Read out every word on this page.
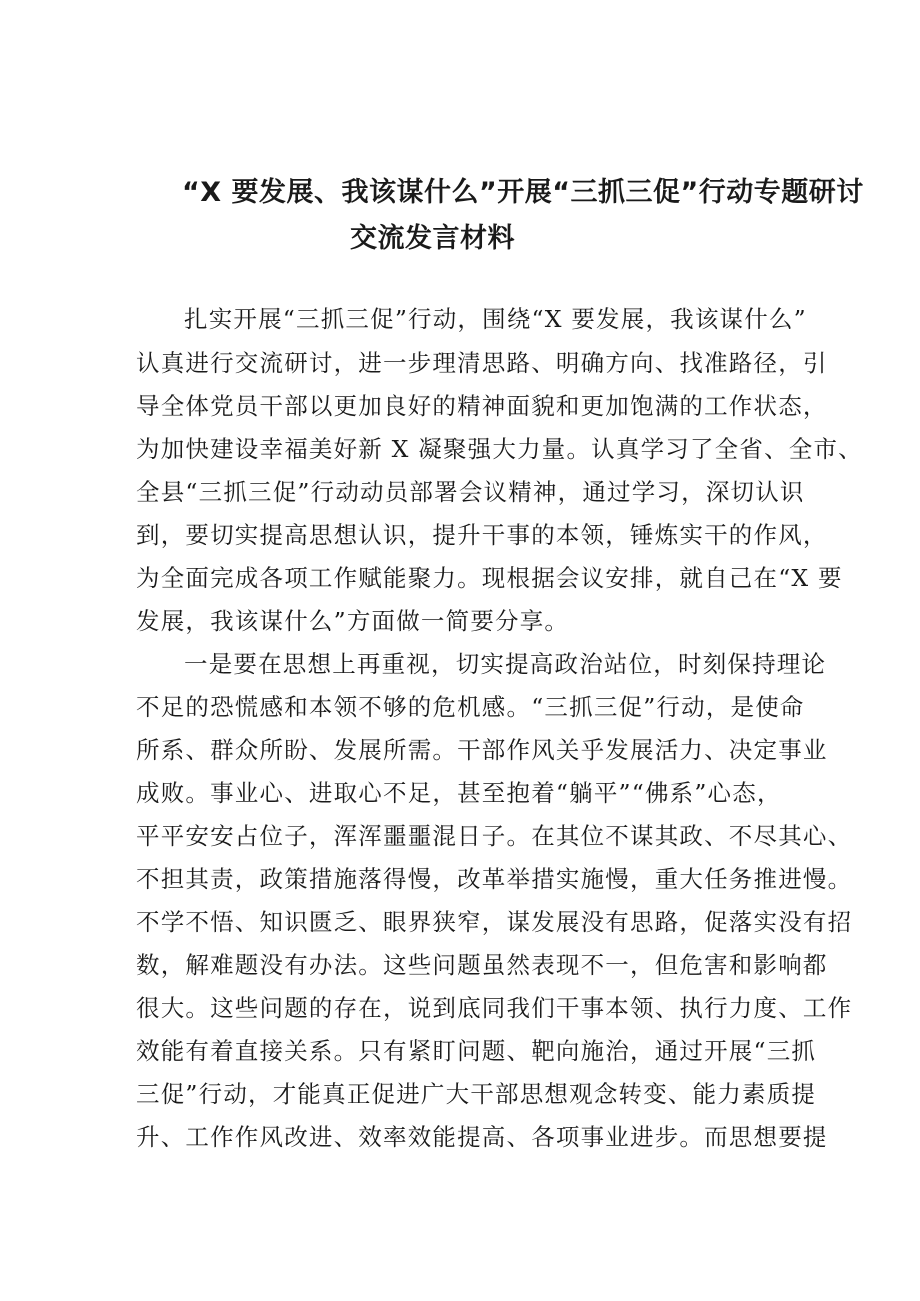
“X 要发展、我该谋什么”开展“三抓三促”行动专题研讨
交流发言材料
扎实开展“三抓三促”行动，围绕“X 要发展，我该谋什么”
认真进行交流研讨，进一步理清思路、明确方向、找准路径，引
导全体党员干部以更加良好的精神面貌和更加饱满的工作状态，
为加快建设幸福美好新 X 凝聚强大力量。认真学习了全省、全市、
全县“三抓三促”行动动员部署会议精神，通过学习，深切认识
到，要切实提高思想认识，提升干事的本领，锤炼实干的作风，
为全面完成各项工作赋能聚力。现根据会议安排，就自己在“X 要
发展，我该谋什么”方面做一简要分享。
一是要在思想上再重视，切实提高政治站位，时刻保持理论
不足的恐慌感和本领不够的危机感。“三抓三促”行动，是使命
所系、群众所盼、发展所需。干部作风关乎发展活力、决定事业
成败。事业心、进取心不足，甚至抱着“躺平”“佛系”心态，
平平安安占位子，浑浑噩噩混日子。在其位不谋其政、不尽其心、
不担其责，政策措施落得慢，改革举措实施慢，重大任务推进慢。
不学不悟、知识匮乏、眼界狭窄，谋发展没有思路，促落实没有招
数，解难题没有办法。这些问题虽然表现不一，但危害和影响都
很大。这些问题的存在，说到底同我们干事本领、执行力度、工作
效能有着直接关系。只有紧盯问题、靶向施治，通过开展“三抓
三促”行动，才能真正促进广大干部思想观念转变、能力素质提
升、工作作风改进、效率效能提高、各项事业进步。而思想要提
